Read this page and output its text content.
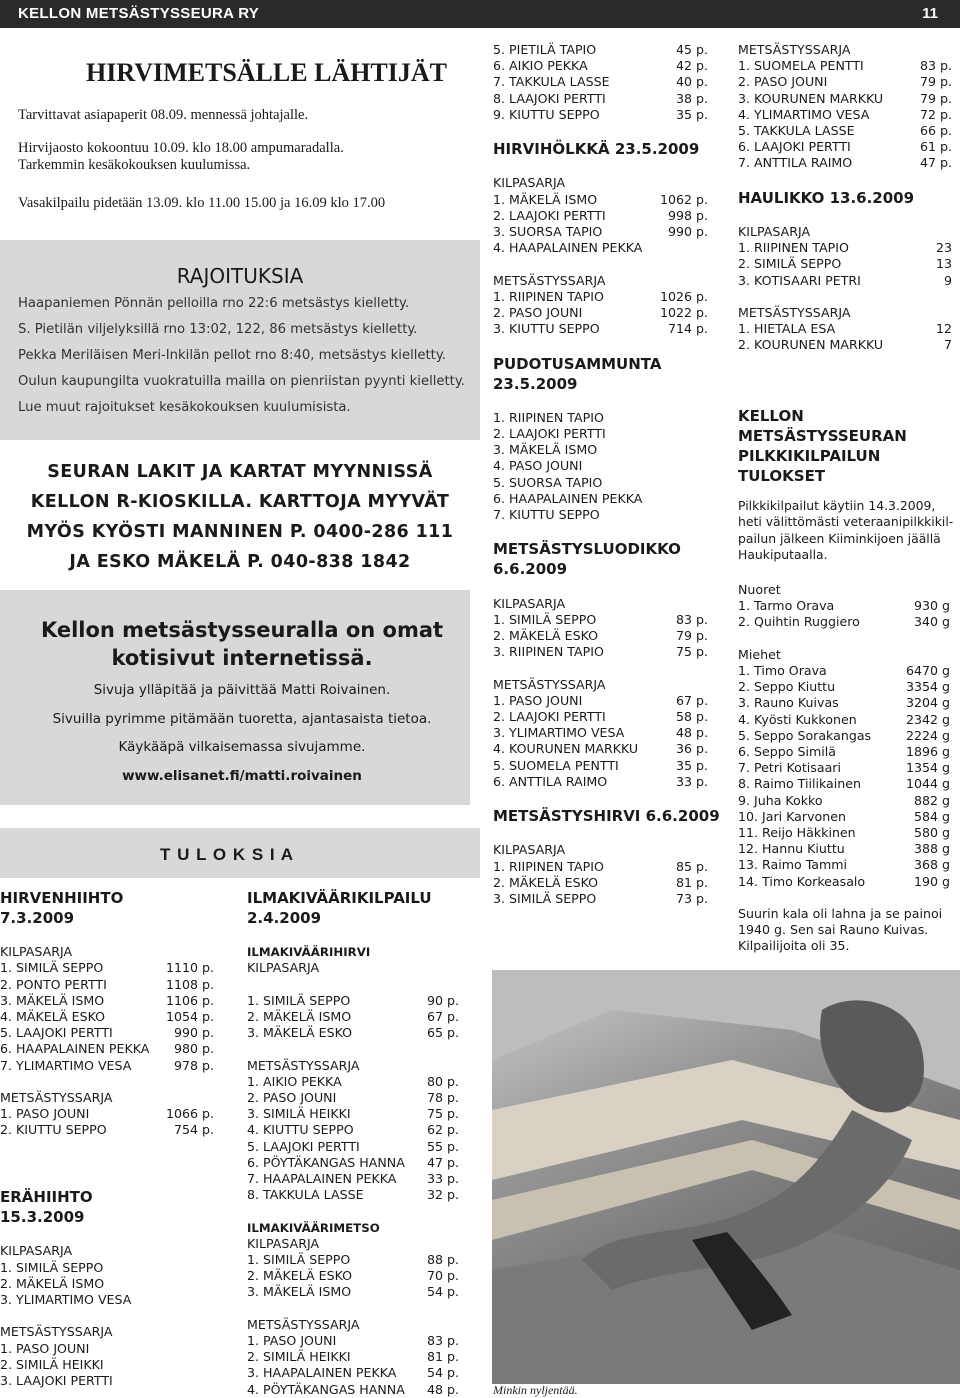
KELLON METSÄSTYSSEURA RY	11
HIRVIMETSÄLLE LÄHTIJÄT
Tarvittavat asiapaperit 08.09. mennessä johtajalle.
Hirvijaosto kokoontuu 10.09. klo 18.00 ampumaradalla.
Tarkemmin kesäkokouksen kuulumissa.
Vasakilpailu pidetään 13.09. klo 11.00 15.00 ja 16.09 klo 17.00
RAJOITUKSIA
Haapaniemen Pönnän pelloilla rno 22:6 metsästys kielletty.
S. Pietilän viljelyksillä rno 13:02, 122, 86 metsästys kielletty.
Pekka Meriläisen Meri-Inkilän pellot rno 8:40, metsästys kielletty.
Oulun kaupungilta vuokratuilla mailla on pienriistan pyynti kielletty.
Lue muut rajoitukset kesäkokouksen kuulumisista.
SEURAN LAKIT JA KARTAT MYYNNISSÄ
KELLON R-KIOSKILLA. KARTTOJA MYYVÄT
MYÖS KYÖSTI MANNINEN P. 0400-286 111
JA ESKO MÄKELÄ P. 040-838 1842
Kellon metsästysseuralla on omat
kotisivut internetissä.
Sivuja ylläpitää ja päivittää Matti Roivainen.
Sivuilla pyrimme pitämään tuoretta, ajantasaista tietoa.
Käykääpä vilkaisemassa sivujamme.
www.elisanet.fi/matti.roivainen
T U L O K S I A
HIRVENHIIHTO
7.3.2009
KILPASARJA
1. SIMILÄ SEPPO	1110 p.
2. PONTO PERTTI	1108 p.
3. MÄKELÄ ISMO	1106 p.
4. MÄKELÄ ESKO	1054 p.
5. LAAJOKI PERTTI	990 p.
6. HAAPALAINEN PEKKA	980 p.
7. YLIMARTIMO VESA	978 p.
METSÄSTYSSARJA
1. PASO JOUNI	1066 p.
2. KIUTTU SEPPO	754 p.
ERÄHIIHTO
15.3.2009
KILPASARJA
1. SIMILÄ SEPPO
2. MÄKELÄ ISMO
3. YLIMARTIMO VESA
METSÄSTYSSARJA
1. PASO JOUNI
2. SIMILÄ HEIKKI
3. LAAJOKI PERTTI
ILMAKIVÄÄRIKILPAILU
2.4.2009
ILMAKIVÄÄRIHIRVI
KILPASARJA
1. SIMILÄ SEPPO	90 p.
2. MÄKELÄ ISMO	67 p.
3. MÄKELÄ ESKO	65 p.
METSÄSTYSSARJA
1. AIKIO PEKKA	80 p.
2. PASO JOUNI	78 p.
3. SIMILÄ HEIKKI	75 p.
4. KIUTTU SEPPO	62 p.
5. LAAJOKI PERTTI	55 p.
6. PÖYTÄKANGAS HANNA	47 p.
7. HAAPALAINEN PEKKA	33 p.
8. TAKKULA LASSE	32 p.
ILMAKIVÄÄRIMETSO
KILPASARJA
1. SIMILÄ SEPPO	88 p.
2. MÄKELÄ ESKO	70 p.
3. MÄKELÄ ISMO	54 p.
METSÄSTYSSARJA
1. PASO JOUNI	83 p.
2. SIMILÄ HEIKKI	81 p.
3. HAAPALAINEN PEKKA	54 p.
4. PÖYTÄKANGAS HANNA	48 p.
5. PIETILÄ TAPIO	45 p.
6. AIKIO PEKKA	42 p.
7. TAKKULA LASSE	40 p.
8. LAAJOKI PERTTI	38 p.
9. KIUTTU SEPPO	35 p.
HIRVIHÖLKKÄ 23.5.2009
KILPASARJA
1. MÄKELÄ ISMO	1062 p.
2. LAAJOKI PERTTI	998 p.
3. SUORSA TAPIO	990 p.
4. HAAPALAINEN PEKKA
METSÄSTYSSARJA
1. RIIPINEN TAPIO	1026 p.
2. PASO JOUNI	1022 p.
3. KIUTTU SEPPO	714 p.
PUDOTUSAMMUNTA
23.5.2009
1. RIIPINEN TAPIO
2. LAAJOKI PERTTI
3. MÄKELÄ ISMO
4. PASO JOUNI
5. SUORSA TAPIO
6. HAAPALAINEN PEKKA
7. KIUTTU SEPPO
METSÄSTYSLUODIKKO
6.6.2009
KILPASARJA
1. SIMILÄ SEPPO	83 p.
2. MÄKELÄ ESKO	79 p.
3. RIIPINEN TAPIO	75 p.
METSÄSTYSSARJA
1. PASO JOUNI	67 p.
2. LAAJOKI PERTTI	58 p.
3. YLIMARTIMO VESA	48 p.
4. KOURUNEN MARKKU	36 p.
5. SUOMELA PENTTI	35 p.
6. ANTTILA RAIMO	33 p.
METSÄSTYSHIRVI 6.6.2009
KILPASARJA
1. RIIPINEN TAPIO	85 p.
2. MÄKELÄ ESKO	81 p.
3. SIMILÄ SEPPO	73 p.
METSÄSTYSSARJA
1. SUOMELA PENTTI	83 p.
2. PASO JOUNI	79 p.
3. KOURUNEN MARKKU	79 p.
4. YLIMARTIMO VESA	72 p.
5. TAKKULA LASSE	66 p.
6. LAAJOKI PERTTI	61 p.
7. ANTTILA RAIMO	47 p.
HAULIKKO 13.6.2009
KILPASARJA
1. RIIPINEN TAPIO	23
2. SIMILÄ SEPPO	13
3. KOTISAARI PETRI	9
METSÄSTYSSARJA
1. HIETALA ESA	12
2. KOURUNEN MARKKU	7
KELLON
METSÄSTYSSEURAN
PILKKIKILPAILUN
TULOKSET
Pilkkikilpailut käytiin 14.3.2009,
heti välittömästi veteraanipilkkikil-
pailun jälkeen Kiiminkijoen jäällä
Haukiputaalla.
Nuoret
1. Tarmo Orava	930 g
2. Quihtin Ruggiero	340 g
Miehet
1. Timo Orava	6470 g
2. Seppo Kiuttu	3354 g
3. Rauno Kuivas	3204 g
4. Kyösti Kukkonen	2342 g
5. Seppo Sorakangas	2224 g
6. Seppo Similä	1896 g
7. Petri Kotisaari	1354 g
8. Raimo Tiilikainen	1044 g
9. Juha Kokko	882 g
10. Jari Karvonen	584 g
11. Reijo Häkkinen	580 g
12. Hannu Kiuttu	388 g
13. Raimo Tammi	368 g
14. Timo Korkeasalo	190 g
Suurin kala oli lahna ja se painoi
1940 g. Sen sai Rauno Kuivas.
Kilpailijoita oli 35.
Minkin nyljentää.
